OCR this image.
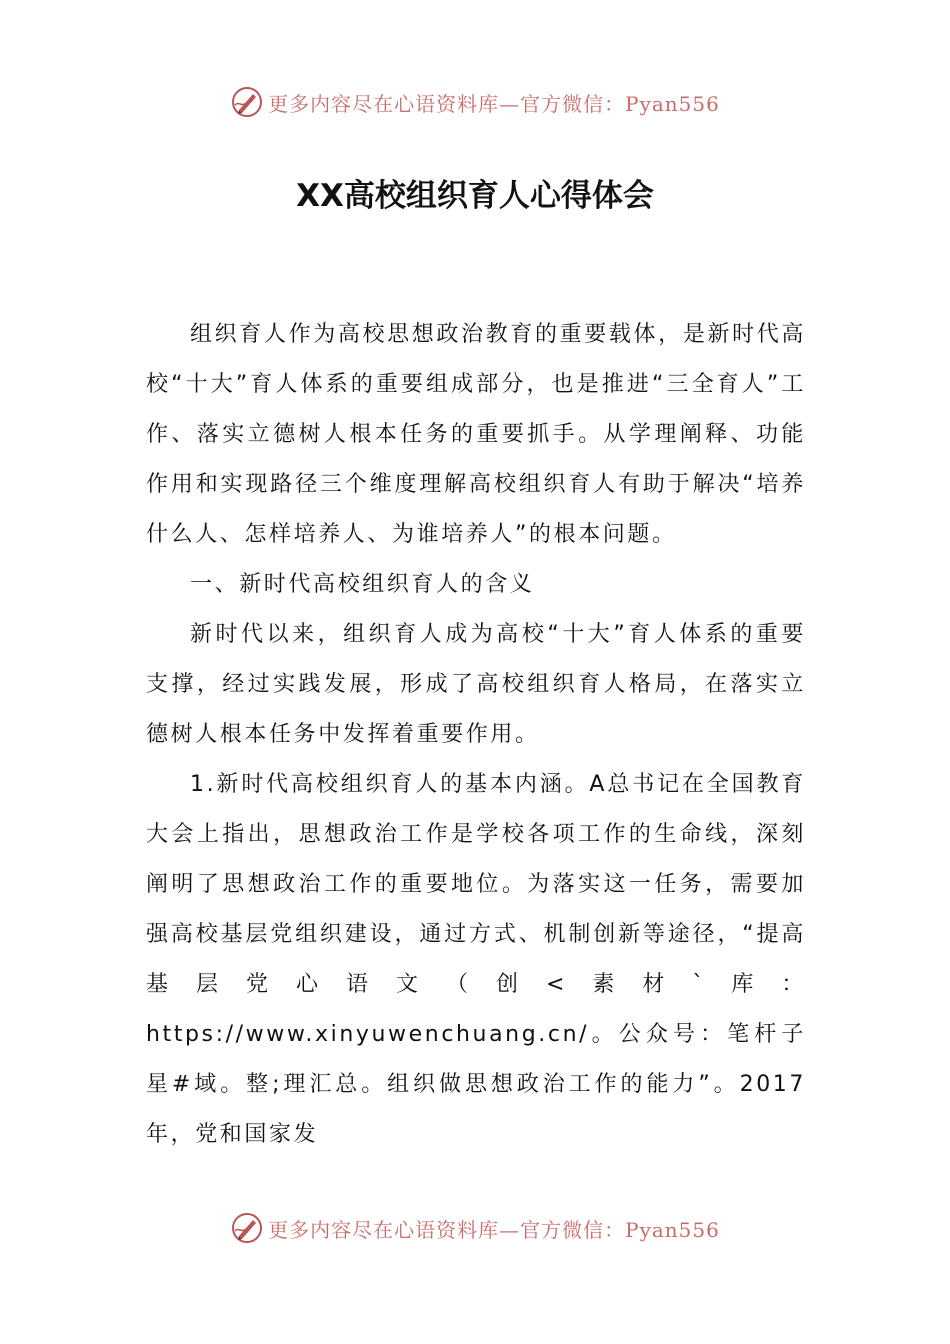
更多内容尽在心语资料库—官方微信：Pyan556
XX高校组织育人心得体会

组织育人作为高校思想政治教育的重要载体，是新时代高校“十大”育人体系的重要组成部分，也是推进“三全育人”工作、落实立德树人根本任务的重要抓手。从学理阐释、功能作用和实现路径三个维度理解高校组织育人有助于解决“培养什么人、怎样培养人、为谁培养人”的根本问题。

一、新时代高校组织育人的含义

新时代以来，组织育人成为高校“十大”育人体系的重要支撑，经过实践发展，形成了高校组织育人格局，在落实立德树人根本任务中发挥着重要作用。

1.新时代高校组织育人的基本内涵。A总书记在全国教育大会上指出，思想政治工作是学校各项工作的生命线，深刻阐明了思想政治工作的重要地位。为落实这一任务，需要加强高校基层党组织建设，通过方式、机制创新等途径，“提高基层党心语文（创<素材`库：https://www.xinyuwenchuang.cn/。公众号：笔杆子星#域。整;理汇总。组织做思想政治工作的能力”。2017年，党和国家发

更多内容尽在心语资料库—官方微信：Pyan556
